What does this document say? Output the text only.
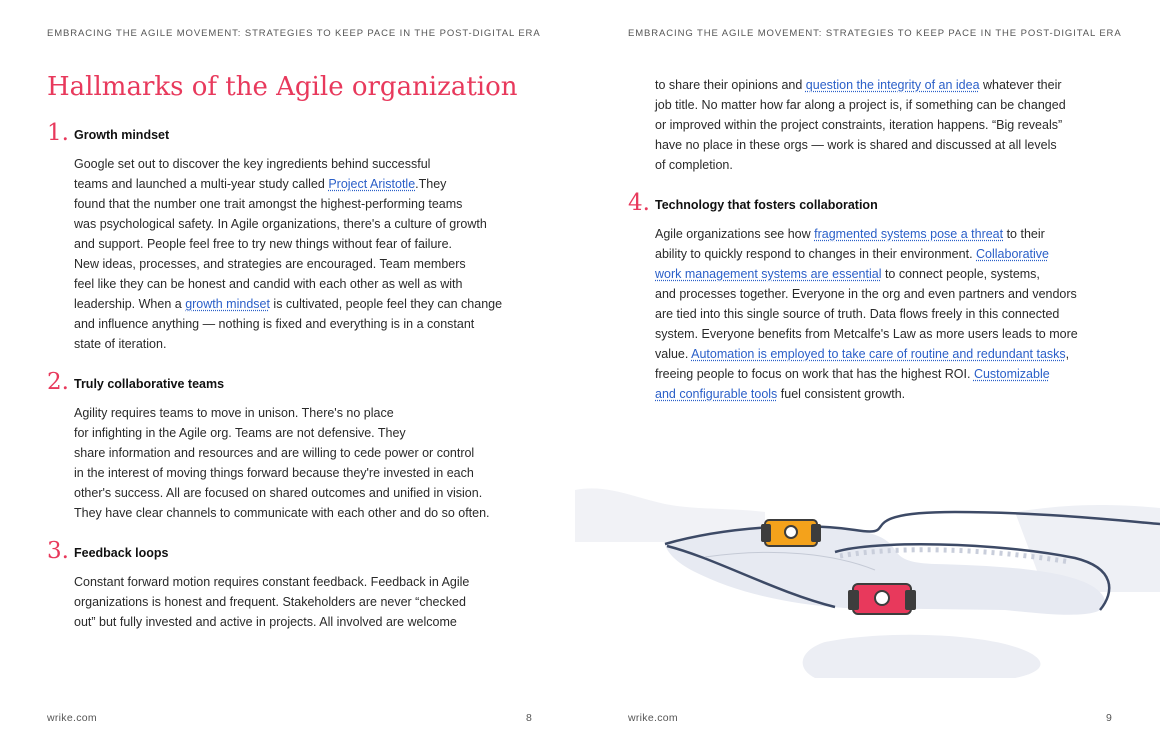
EMBRACING THE AGILE MOVEMENT: STRATEGIES TO KEEP PACE IN THE POST-DIGITAL ERA
Hallmarks of the Agile organization
1. Growth mindset
Google set out to discover the key ingredients behind successful
teams and launched a multi-year study called Project Aristotle.They
found that the number one trait amongst the highest-performing teams
was psychological safety. In Agile organizations, there's a culture of growth
and support. People feel free to try new things without fear of failure.
New ideas, processes, and strategies are encouraged. Team members
feel like they can be honest and candid with each other as well as with
leadership. When a growth mindset is cultivated, people feel they can change
and influence anything — nothing is fixed and everything is in a constant
state of iteration.
2. Truly collaborative teams
Agility requires teams to move in unison. There's no place
for infighting in the Agile org. Teams are not defensive. They
share information and resources and are willing to cede power or control
in the interest of moving things forward because they're invested in each
other's success. All are focused on shared outcomes and unified in vision.
They have clear channels to communicate with each other and do so often.
3. Feedback loops
Constant forward motion requires constant feedback. Feedback in Agile
organizations is honest and frequent. Stakeholders are never “checked
out” but fully invested and active in projects. All involved are welcome
wrike.com	8
EMBRACING THE AGILE MOVEMENT: STRATEGIES TO KEEP PACE IN THE POST-DIGITAL ERA
to share their opinions and question the integrity of an idea whatever their
job title. No matter how far along a project is, if something can be changed
or improved within the project constraints, iteration happens. “Big reveals”
have no place in these orgs — work is shared and discussed at all levels
of completion.
4. Technology that fosters collaboration
Agile organizations see how fragmented systems pose a threat to their
ability to quickly respond to changes in their environment. Collaborative
work management systems are essential to connect people, systems,
and processes together. Everyone in the org and even partners and vendors
are tied into this single source of truth. Data flows freely in this connected
system. Everyone benefits from Metcalfe's Law as more users leads to more
value. Automation is employed to take care of routine and redundant tasks,
freeing people to focus on work that has the highest ROI. Customizable
and configurable tools fuel consistent growth.
wrike.com	9
